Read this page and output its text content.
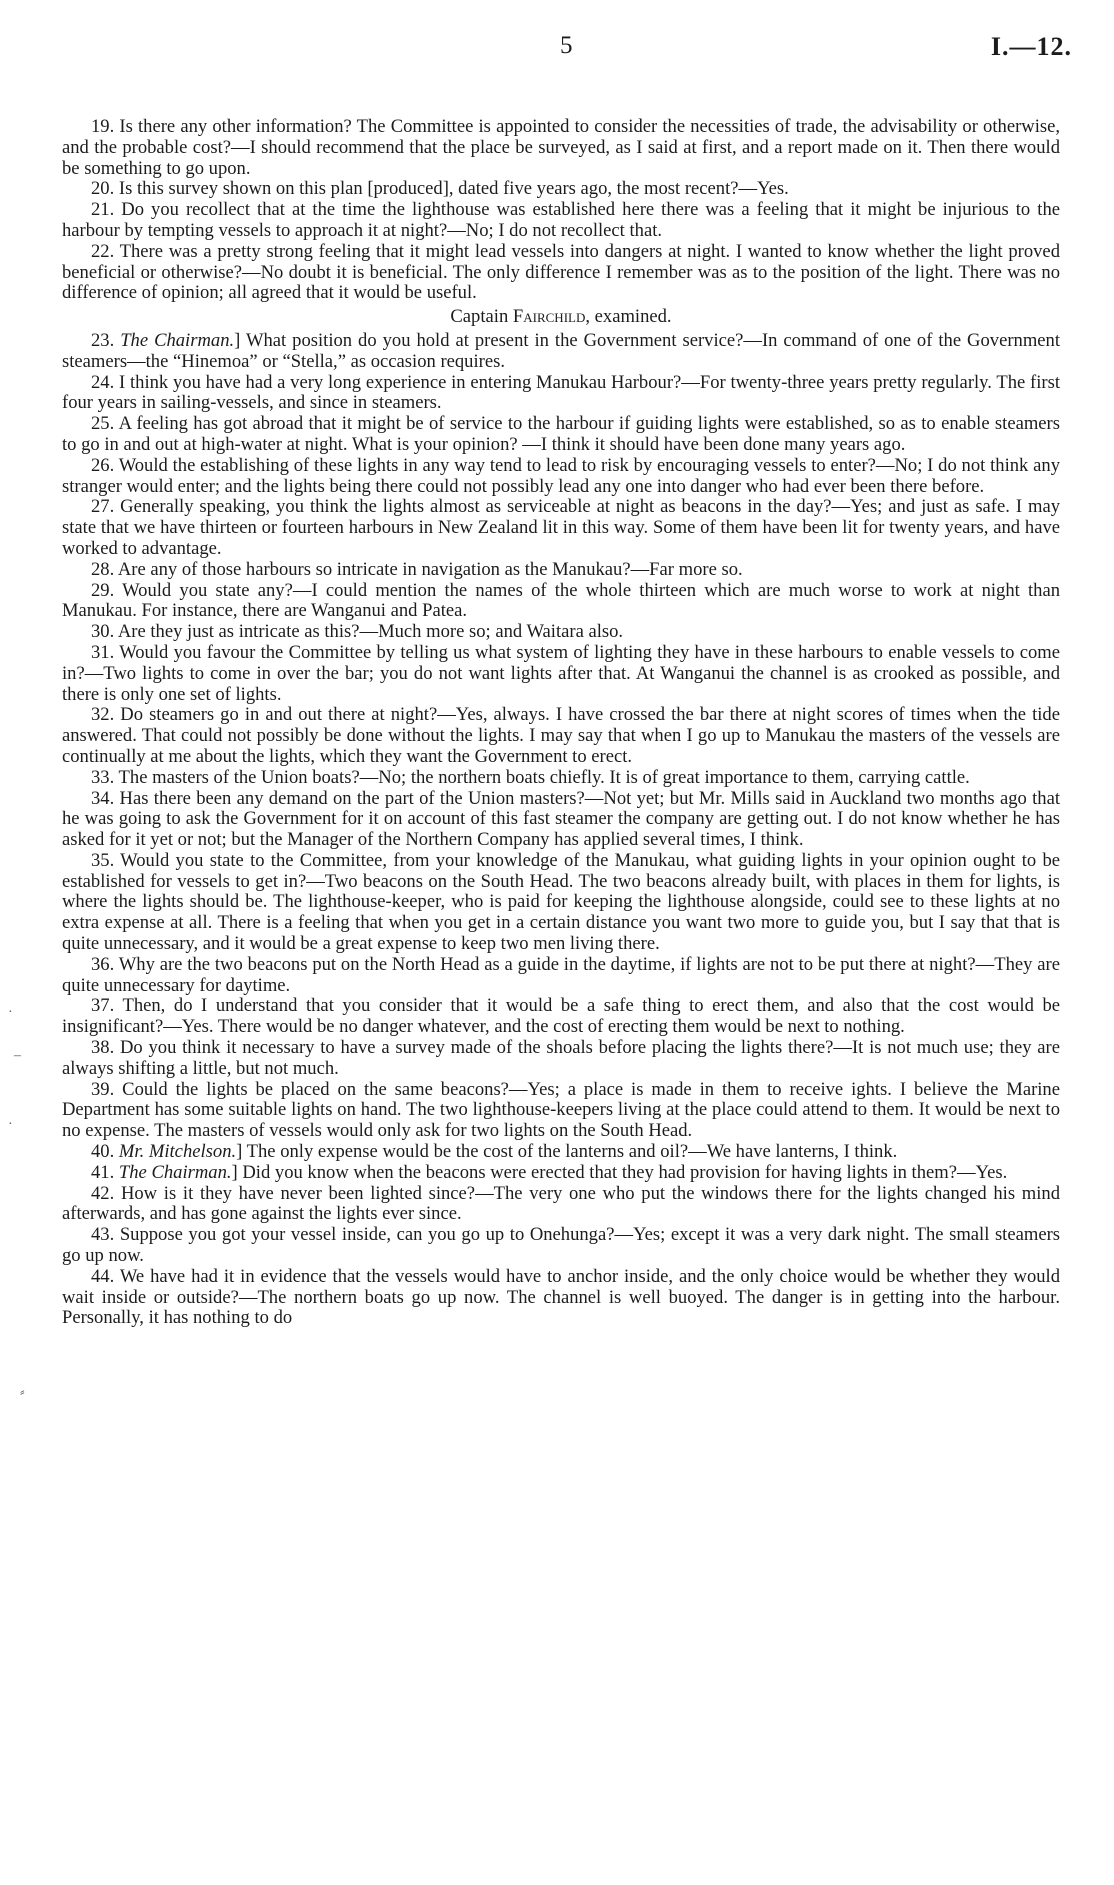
5	I.—12.
·
–
·
⸗

19. Is there any other information? The Committee is appointed to consider the necessities of trade, the advisability or otherwise, and the probable cost?—I should recommend that the place be surveyed, as I said at first, and a report made on it. Then there would be something to go upon.

20. Is this survey shown on this plan [produced], dated five years ago, the most recent?—Yes.

21. Do you recollect that at the time the lighthouse was established here there was a feeling that it might be injurious to the harbour by tempting vessels to approach it at night?—No; I do not recollect that.

22. There was a pretty strong feeling that it might lead vessels into dangers at night. I wanted to know whether the light proved beneficial or otherwise?—No doubt it is beneficial. The only difference I remember was as to the position of the light. There was no difference of opinion; all agreed that it would be useful.

Captain Fairchild, examined.

23. The Chairman.] What position do you hold at present in the Government service?—In command of one of the Government steamers—the “Hinemoa” or “Stella,” as occasion requires.

24. I think you have had a very long experience in entering Manukau Harbour?—For twenty-three years pretty regularly. The first four years in sailing-vessels, and since in steamers.

25. A feeling has got abroad that it might be of service to the harbour if guiding lights were established, so as to enable steamers to go in and out at high-water at night. What is your opinion? —I think it should have been done many years ago.

26. Would the establishing of these lights in any way tend to lead to risk by encouraging vessels to enter?—No; I do not think any stranger would enter; and the lights being there could not possibly lead any one into danger who had ever been there before.

27. Generally speaking, you think the lights almost as serviceable at night as beacons in the day?—Yes; and just as safe. I may state that we have thirteen or fourteen harbours in New Zealand lit in this way. Some of them have been lit for twenty years, and have worked to advantage.

28. Are any of those harbours so intricate in navigation as the Manukau?—Far more so.

29. Would you state any?—I could mention the names of the whole thirteen which are much worse to work at night than Manukau. For instance, there are Wanganui and Patea.

30. Are they just as intricate as this?—Much more so; and Waitara also.

31. Would you favour the Committee by telling us what system of lighting they have in these harbours to enable vessels to come in?—Two lights to come in over the bar; you do not want lights after that. At Wanganui the channel is as crooked as possible, and there is only one set of lights.

32. Do steamers go in and out there at night?—Yes, always. I have crossed the bar there at night scores of times when the tide answered. That could not possibly be done without the lights. I may say that when I go up to Manukau the masters of the vessels are continually at me about the lights, which they want the Government to erect.

33. The masters of the Union boats?—No; the northern boats chiefly. It is of great importance to them, carrying cattle.

34. Has there been any demand on the part of the Union masters?—Not yet; but Mr. Mills said in Auckland two months ago that he was going to ask the Government for it on account of this fast steamer the company are getting out. I do not know whether he has asked for it yet or not; but the Manager of the Northern Company has applied several times, I think.

35. Would you state to the Committee, from your knowledge of the Manukau, what guiding lights in your opinion ought to be established for vessels to get in?—Two beacons on the South Head. The two beacons already built, with places in them for lights, is where the lights should be. The lighthouse-keeper, who is paid for keeping the lighthouse alongside, could see to these lights at no extra expense at all. There is a feeling that when you get in a certain distance you want two more to guide you, but I say that that is quite unnecessary, and it would be a great expense to keep two men living there.

36. Why are the two beacons put on the North Head as a guide in the daytime, if lights are not to be put there at night?—They are quite unnecessary for daytime.

37. Then, do I understand that you consider that it would be a safe thing to erect them, and also that the cost would be insignificant?—Yes. There would be no danger whatever, and the cost of erecting them would be next to nothing.

38. Do you think it necessary to have a survey made of the shoals before placing the lights there?—It is not much use; they are always shifting a little, but not much.

39. Could the lights be placed on the same beacons?—Yes; a place is made in them to receive ights. I believe the Marine Department has some suitable lights on hand. The two lighthouse-keepers living at the place could attend to them. It would be next to no expense. The masters of vessels would only ask for two lights on the South Head.

40. Mr. Mitchelson.] The only expense would be the cost of the lanterns and oil?—We have lanterns, I think.

41. The Chairman.] Did you know when the beacons were erected that they had provision for having lights in them?—Yes.

42. How is it they have never been lighted since?—The very one who put the windows there for the lights changed his mind afterwards, and has gone against the lights ever since.

43. Suppose you got your vessel inside, can you go up to Onehunga?—Yes; except it was a very dark night. The small steamers go up now.

44. We have had it in evidence that the vessels would have to anchor inside, and the only choice would be whether they would wait inside or outside?—The northern boats go up now. The channel is well buoyed. The danger is in getting into the harbour. Personally, it has nothing to do
